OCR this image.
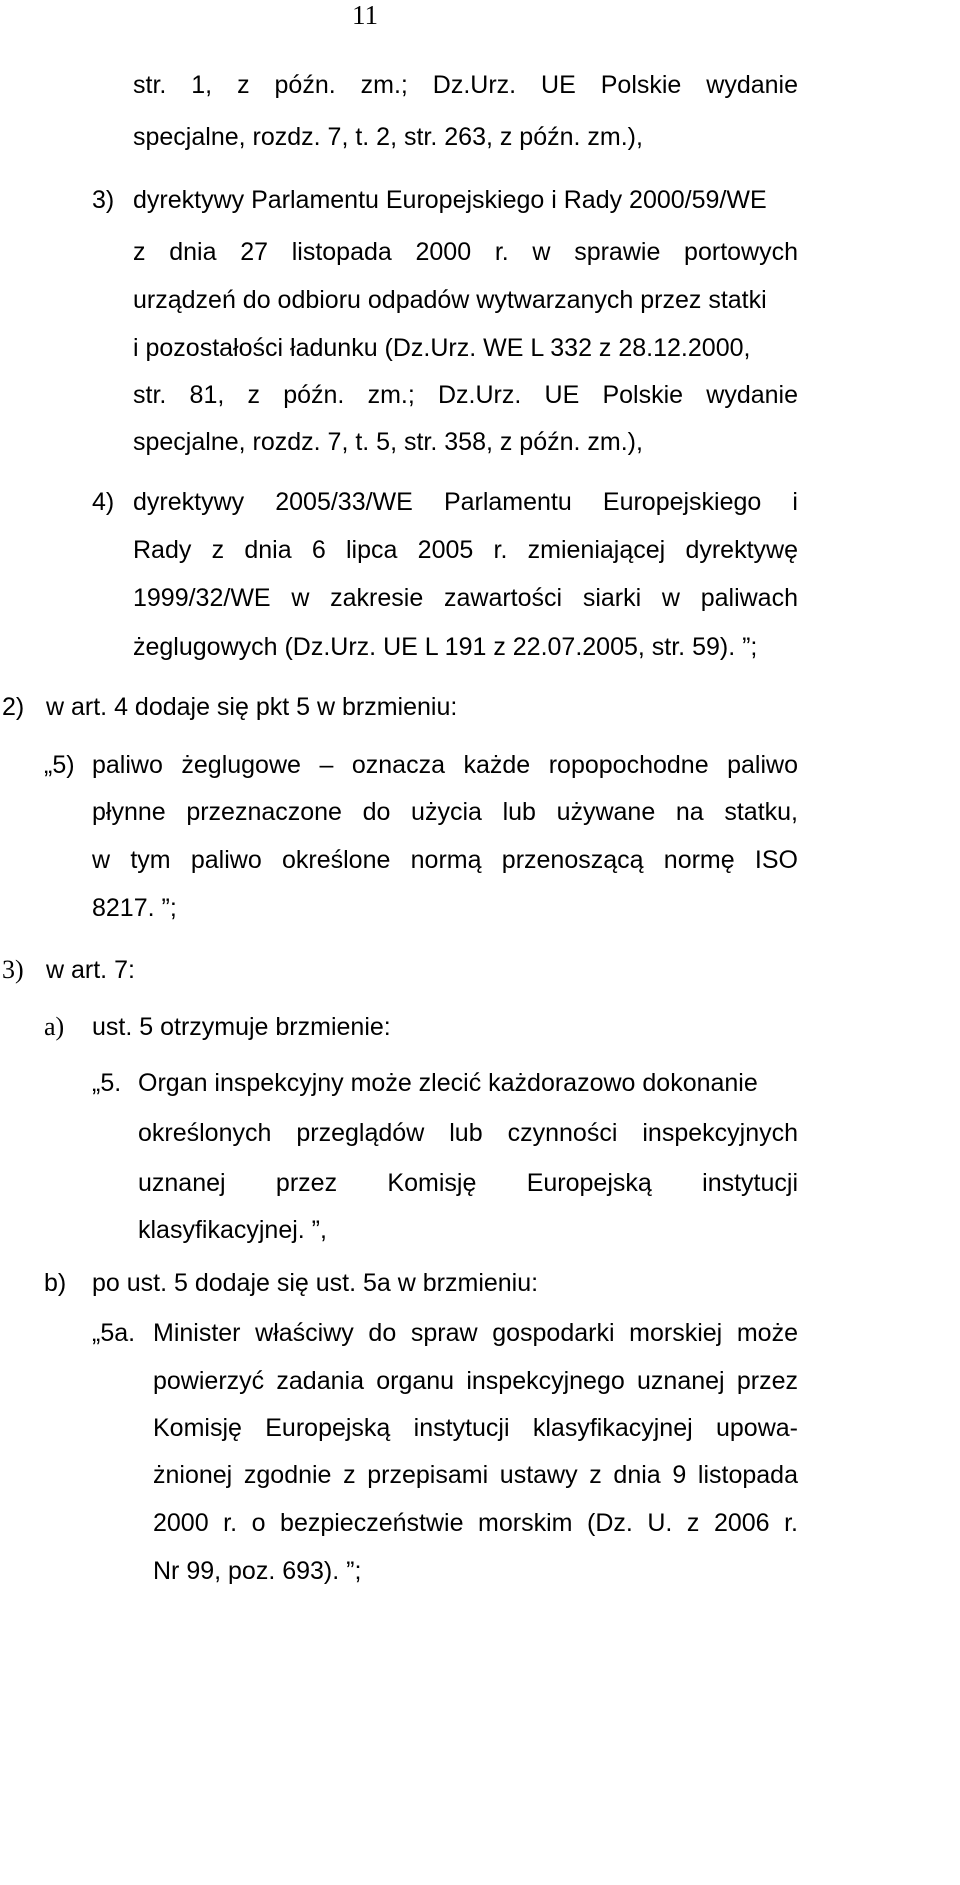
11
str. 1, z późn. zm.; Dz.Urz. UE Polskie wydanie
specjalne, rozdz. 7, t. 2, str. 263, z późn. zm.),
3) dyrektywy Parlamentu Europejskiego i Rady 2000/59/WE
z dnia 27 listopada 2000 r. w sprawie portowych
urządzeń do odbioru odpadów wytwarzanych przez statki
i pozostałości ładunku (Dz.Urz. WE L 332 z 28.12.2000,
str. 81, z późn. zm.; Dz.Urz. UE Polskie wydanie
specjalne, rozdz. 7, t. 5, str. 358, z późn. zm.),
4) dyrektywy 2005/33/WE Parlamentu Europejskiego i
Rady z dnia 6 lipca 2005 r. zmieniającej dyrektywę
1999/32/WE w zakresie zawartości siarki w paliwach
żeglugowych (Dz.Urz. UE L 191 z 22.07.2005, str. 59). ”;
2) w art. 4 dodaje się pkt 5 w brzmieniu:
„5) paliwo żeglugowe – oznacza każde ropopochodne paliwo
płynne przeznaczone do użycia lub używane na statku,
w tym paliwo określone normą przenoszącą normę ISO
8217. ”;
3) w art. 7:
a) ust. 5 otrzymuje brzmienie:
„5. Organ inspekcyjny może zlecić każdorazowo dokonanie
określonych przeglądów lub czynności inspekcyjnych
uznanej przez Komisję Europejską instytucji
klasyfikacyjnej. ”,
b) po ust. 5 dodaje się ust. 5a w brzmieniu:
„5a. Minister właściwy do spraw gospodarki morskiej może
powierzyć zadania organu inspekcyjnego uznanej przez
Komisję Europejską instytucji klasyfikacyjnej upowa-
żnionej zgodnie z przepisami ustawy z dnia 9 listopada
2000 r. o bezpieczeństwie morskim (Dz. U. z 2006 r.
Nr 99, poz. 693). ”;
